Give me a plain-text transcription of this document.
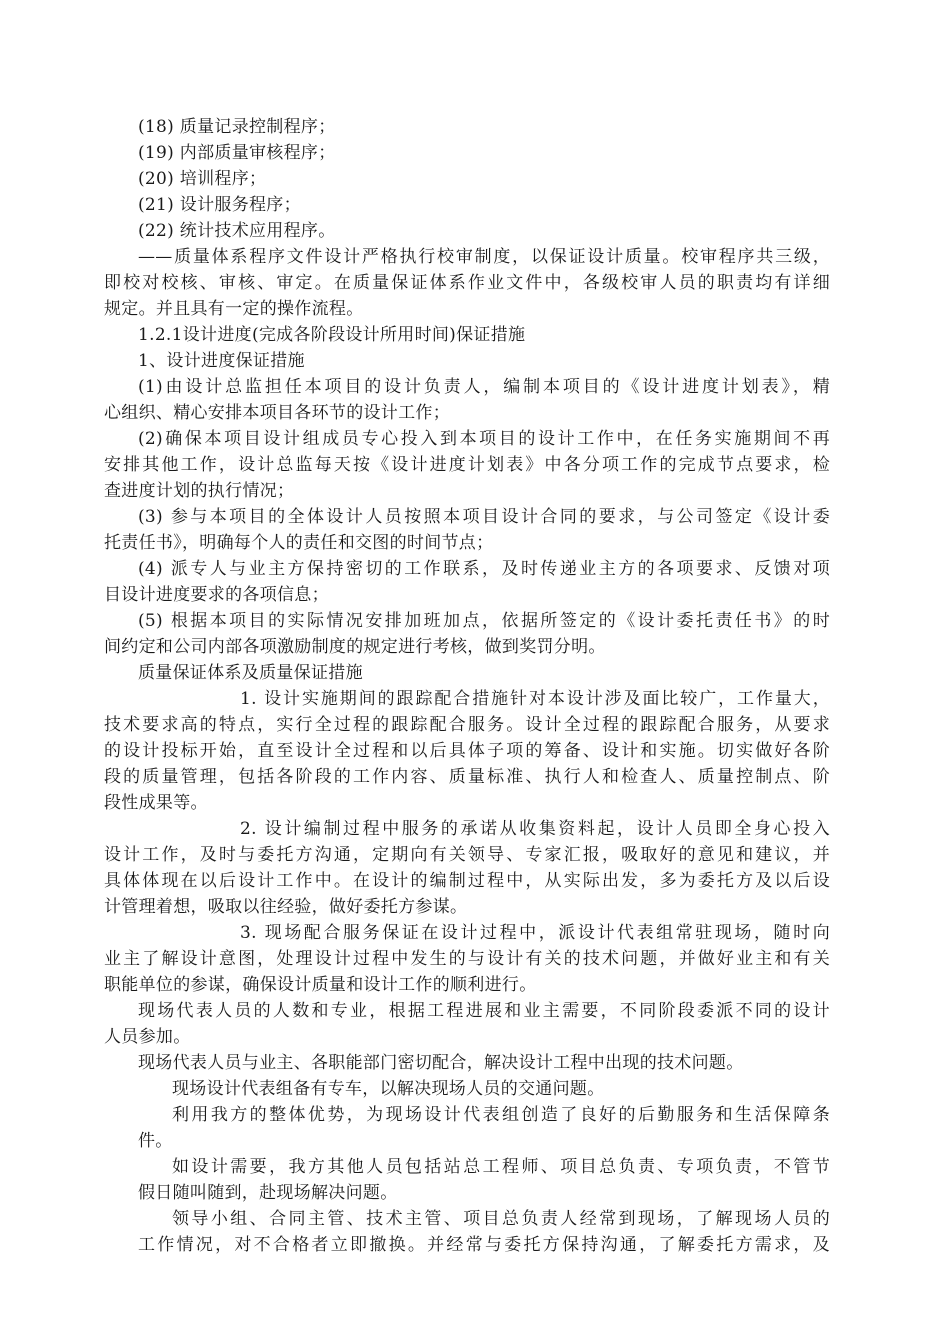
(18) 质量记录控制程序；
(19) 内部质量审核程序；
(20) 培训程序；
(21) 设计服务程序；
(22) 统计技术应用程序。
——质量体系程序文件设计严格执行校审制度，以保证设计质量。校审程序共三级，
即校对校核、审核、审定。在质量保证体系作业文件中，各级校审人员的职责均有详细
规定。并且具有一定的操作流程。
1.2.1设计进度(完成各阶段设计所用时间)保证措施
1、设计进度保证措施
(1)由设计总监担任本项目的设计负责人，编制本项目的《设计进度计划表》，精
心组织、精心安排本项目各环节的设计工作；
(2)确保本项目设计组成员专心投入到本项目的设计工作中，在任务实施期间不再
安排其他工作，设计总监每天按《设计进度计划表》中各分项工作的完成节点要求，检
查进度计划的执行情况；
(3) 参与本项目的全体设计人员按照本项目设计合同的要求，与公司签定《设计委
托责任书》，明确每个人的责任和交图的时间节点；
(4) 派专人与业主方保持密切的工作联系，及时传递业主方的各项要求、反馈对项
目设计进度要求的各项信息；
(5) 根据本项目的实际情况安排加班加点，依据所签定的《设计委托责任书》的时
间约定和公司内部各项激励制度的规定进行考核，做到奖罚分明。
质量保证体系及质量保证措施
1. 设计实施期间的跟踪配合措施针对本设计涉及面比较广，工作量大，
技术要求高的特点，实行全过程的跟踪配合服务。设计全过程的跟踪配合服务，从要求
的设计投标开始，直至设计全过程和以后具体子项的筹备、设计和实施。切实做好各阶
段的质量管理，包括各阶段的工作内容、质量标准、执行人和检查人、质量控制点、阶
段性成果等。
2. 设计编制过程中服务的承诺从收集资料起，设计人员即全身心投入
设计工作，及时与委托方沟通，定期向有关领导、专家汇报，吸取好的意见和建议，并
具体体现在以后设计工作中。在设计的编制过程中，从实际出发，多为委托方及以后设
计管理着想，吸取以往经验，做好委托方参谋。
3. 现场配合服务保证在设计过程中，派设计代表组常驻现场，随时向
业主了解设计意图，处理设计过程中发生的与设计有关的技术问题，并做好业主和有关
职能单位的参谋，确保设计质量和设计工作的顺利进行。
现场代表人员的人数和专业，根据工程进展和业主需要，不同阶段委派不同的设计
人员参加。
现场代表人员与业主、各职能部门密切配合，解决设计工程中出现的技术问题。
现场设计代表组备有专车，以解决现场人员的交通问题。
利用我方的整体优势，为现场设计代表组创造了良好的后勤服务和生活保障条
件。
如设计需要，我方其他人员包括站总工程师、项目总负责、专项负责，不管节
假日随叫随到，赴现场解决问题。
领导小组、合同主管、技术主管、项目总负责人经常到现场，了解现场人员的
工作情况，对不合格者立即撤换。并经常与委托方保持沟通，了解委托方需求，及
